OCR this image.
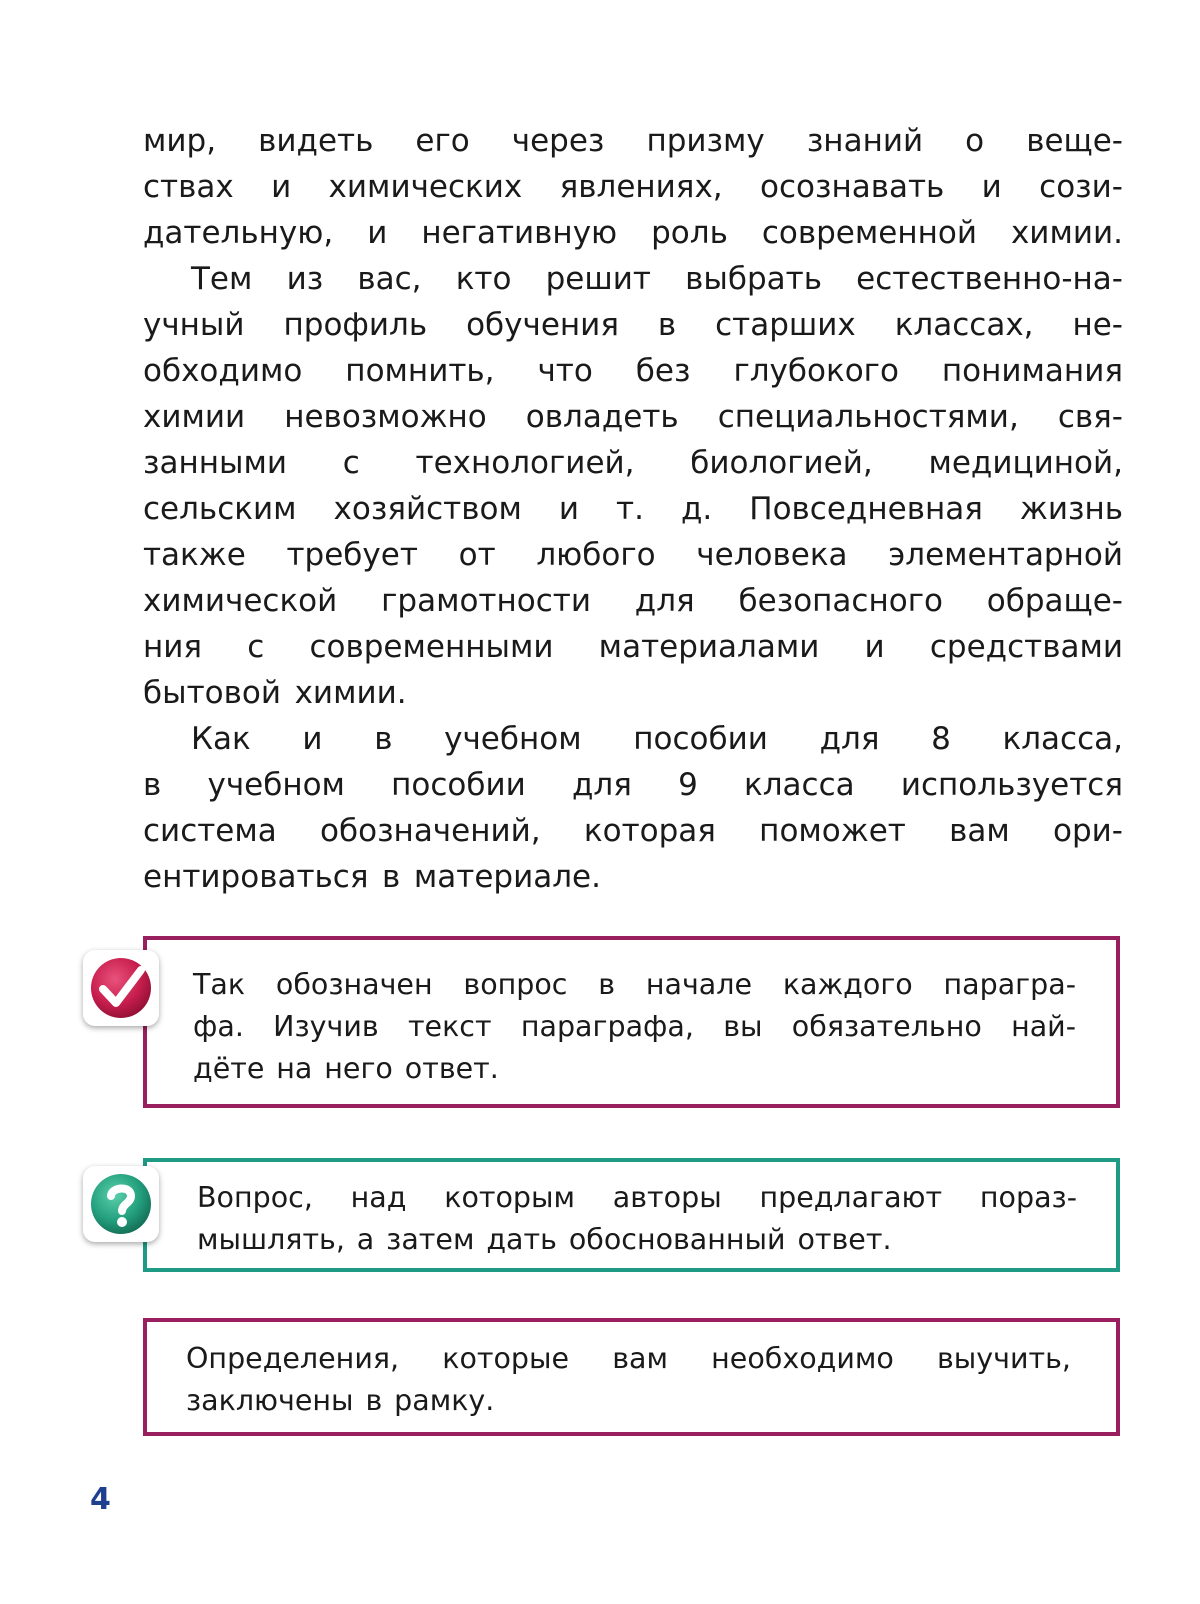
мир, видеть его через призму знаний о веще-
ствах и химических явлениях, осознавать и сози-
дательную, и негативную роль современной химии.
Тем из вас, кто решит выбрать естественно-на-
учный профиль обучения в старших классах, не-
обходимо помнить, что без глубокого понимания
химии невозможно овладеть специальностями, свя-
занными с технологией, биологией, медициной,
сельским хозяйством и т. д. Повседневная жизнь
также требует от любого человека элементарной
химической грамотности для безопасного обраще-
ния с современными материалами и средствами
бытовой химии.
Как и в учебном пособии для 8 класса,
в учебном пособии для 9 класса используется
система обозначений, которая поможет вам ори-
ентироваться в материале.
Так обозначен вопрос в начале каждого парагра-
фа. Изучив текст параграфа, вы обязательно най-
дёте на него ответ.
Вопрос, над которым авторы предлагают пораз-
мышлять, а затем дать обоснованный ответ.
Определения, которые вам необходимо выучить,
заключены в рамку.
4
